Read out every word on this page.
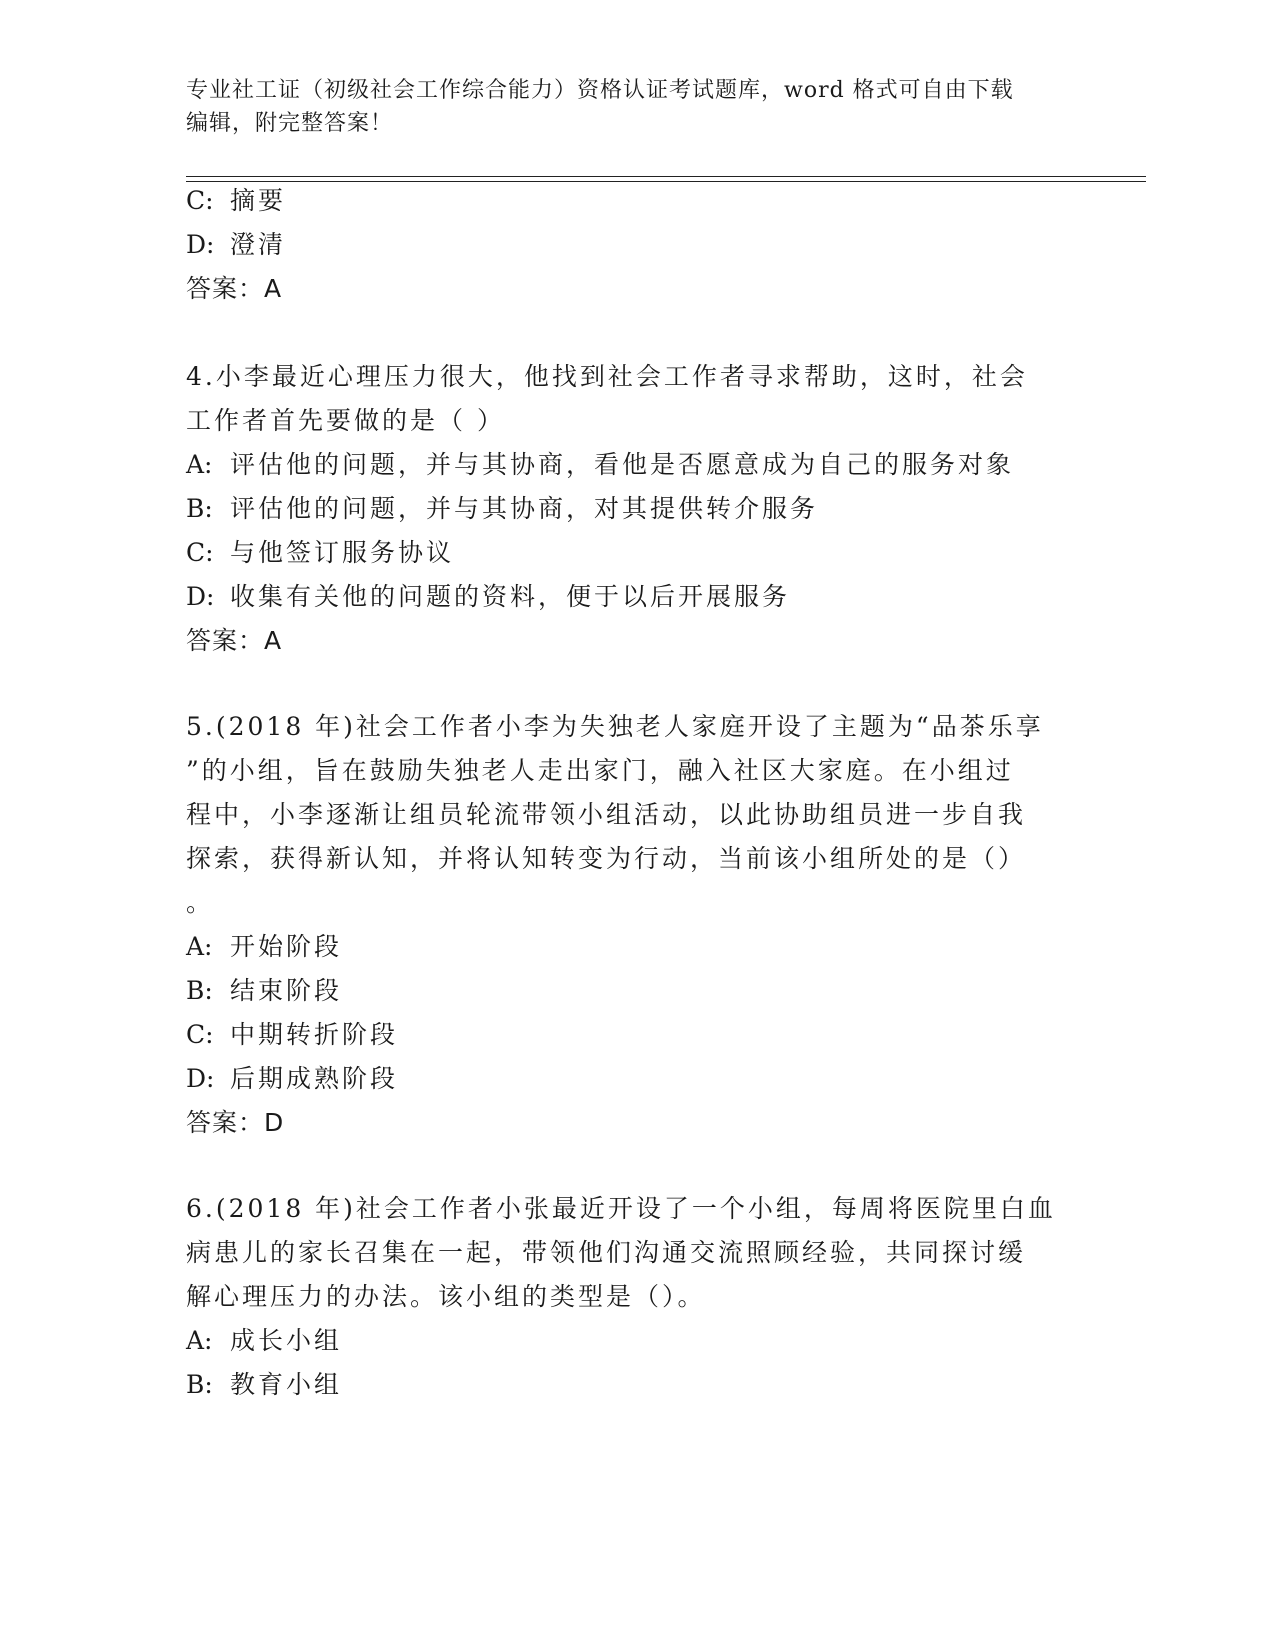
专业社工证（初级社会工作综合能力）资格认证考试题库，word 格式可自由下载
编辑，附完整答案！
C: 摘要
D: 澄清
答案：A
4.小李最近心理压力很大，他找到社会工作者寻求帮助，这时，社会
工作者首先要做的是（ ）
A: 评估他的问题，并与其协商，看他是否愿意成为自己的服务对象
B: 评估他的问题，并与其协商，对其提供转介服务
C: 与他签订服务协议
D: 收集有关他的问题的资料，便于以后开展服务
答案：A
5.(2018 年)社会工作者小李为失独老人家庭开设了主题为“品茶乐享
”的小组，旨在鼓励失独老人走出家门，融入社区大家庭。在小组过
程中，小李逐渐让组员轮流带领小组活动，以此协助组员进一步自我
探索，获得新认知，并将认知转变为行动，当前该小组所处的是（）
。
A: 开始阶段
B: 结束阶段
C: 中期转折阶段
D: 后期成熟阶段
答案：D
6.(2018 年)社会工作者小张最近开设了一个小组，每周将医院里白血
病患儿的家长召集在一起，带领他们沟通交流照顾经验，共同探讨缓
解心理压力的办法。该小组的类型是（）。
A: 成长小组
B: 教育小组
